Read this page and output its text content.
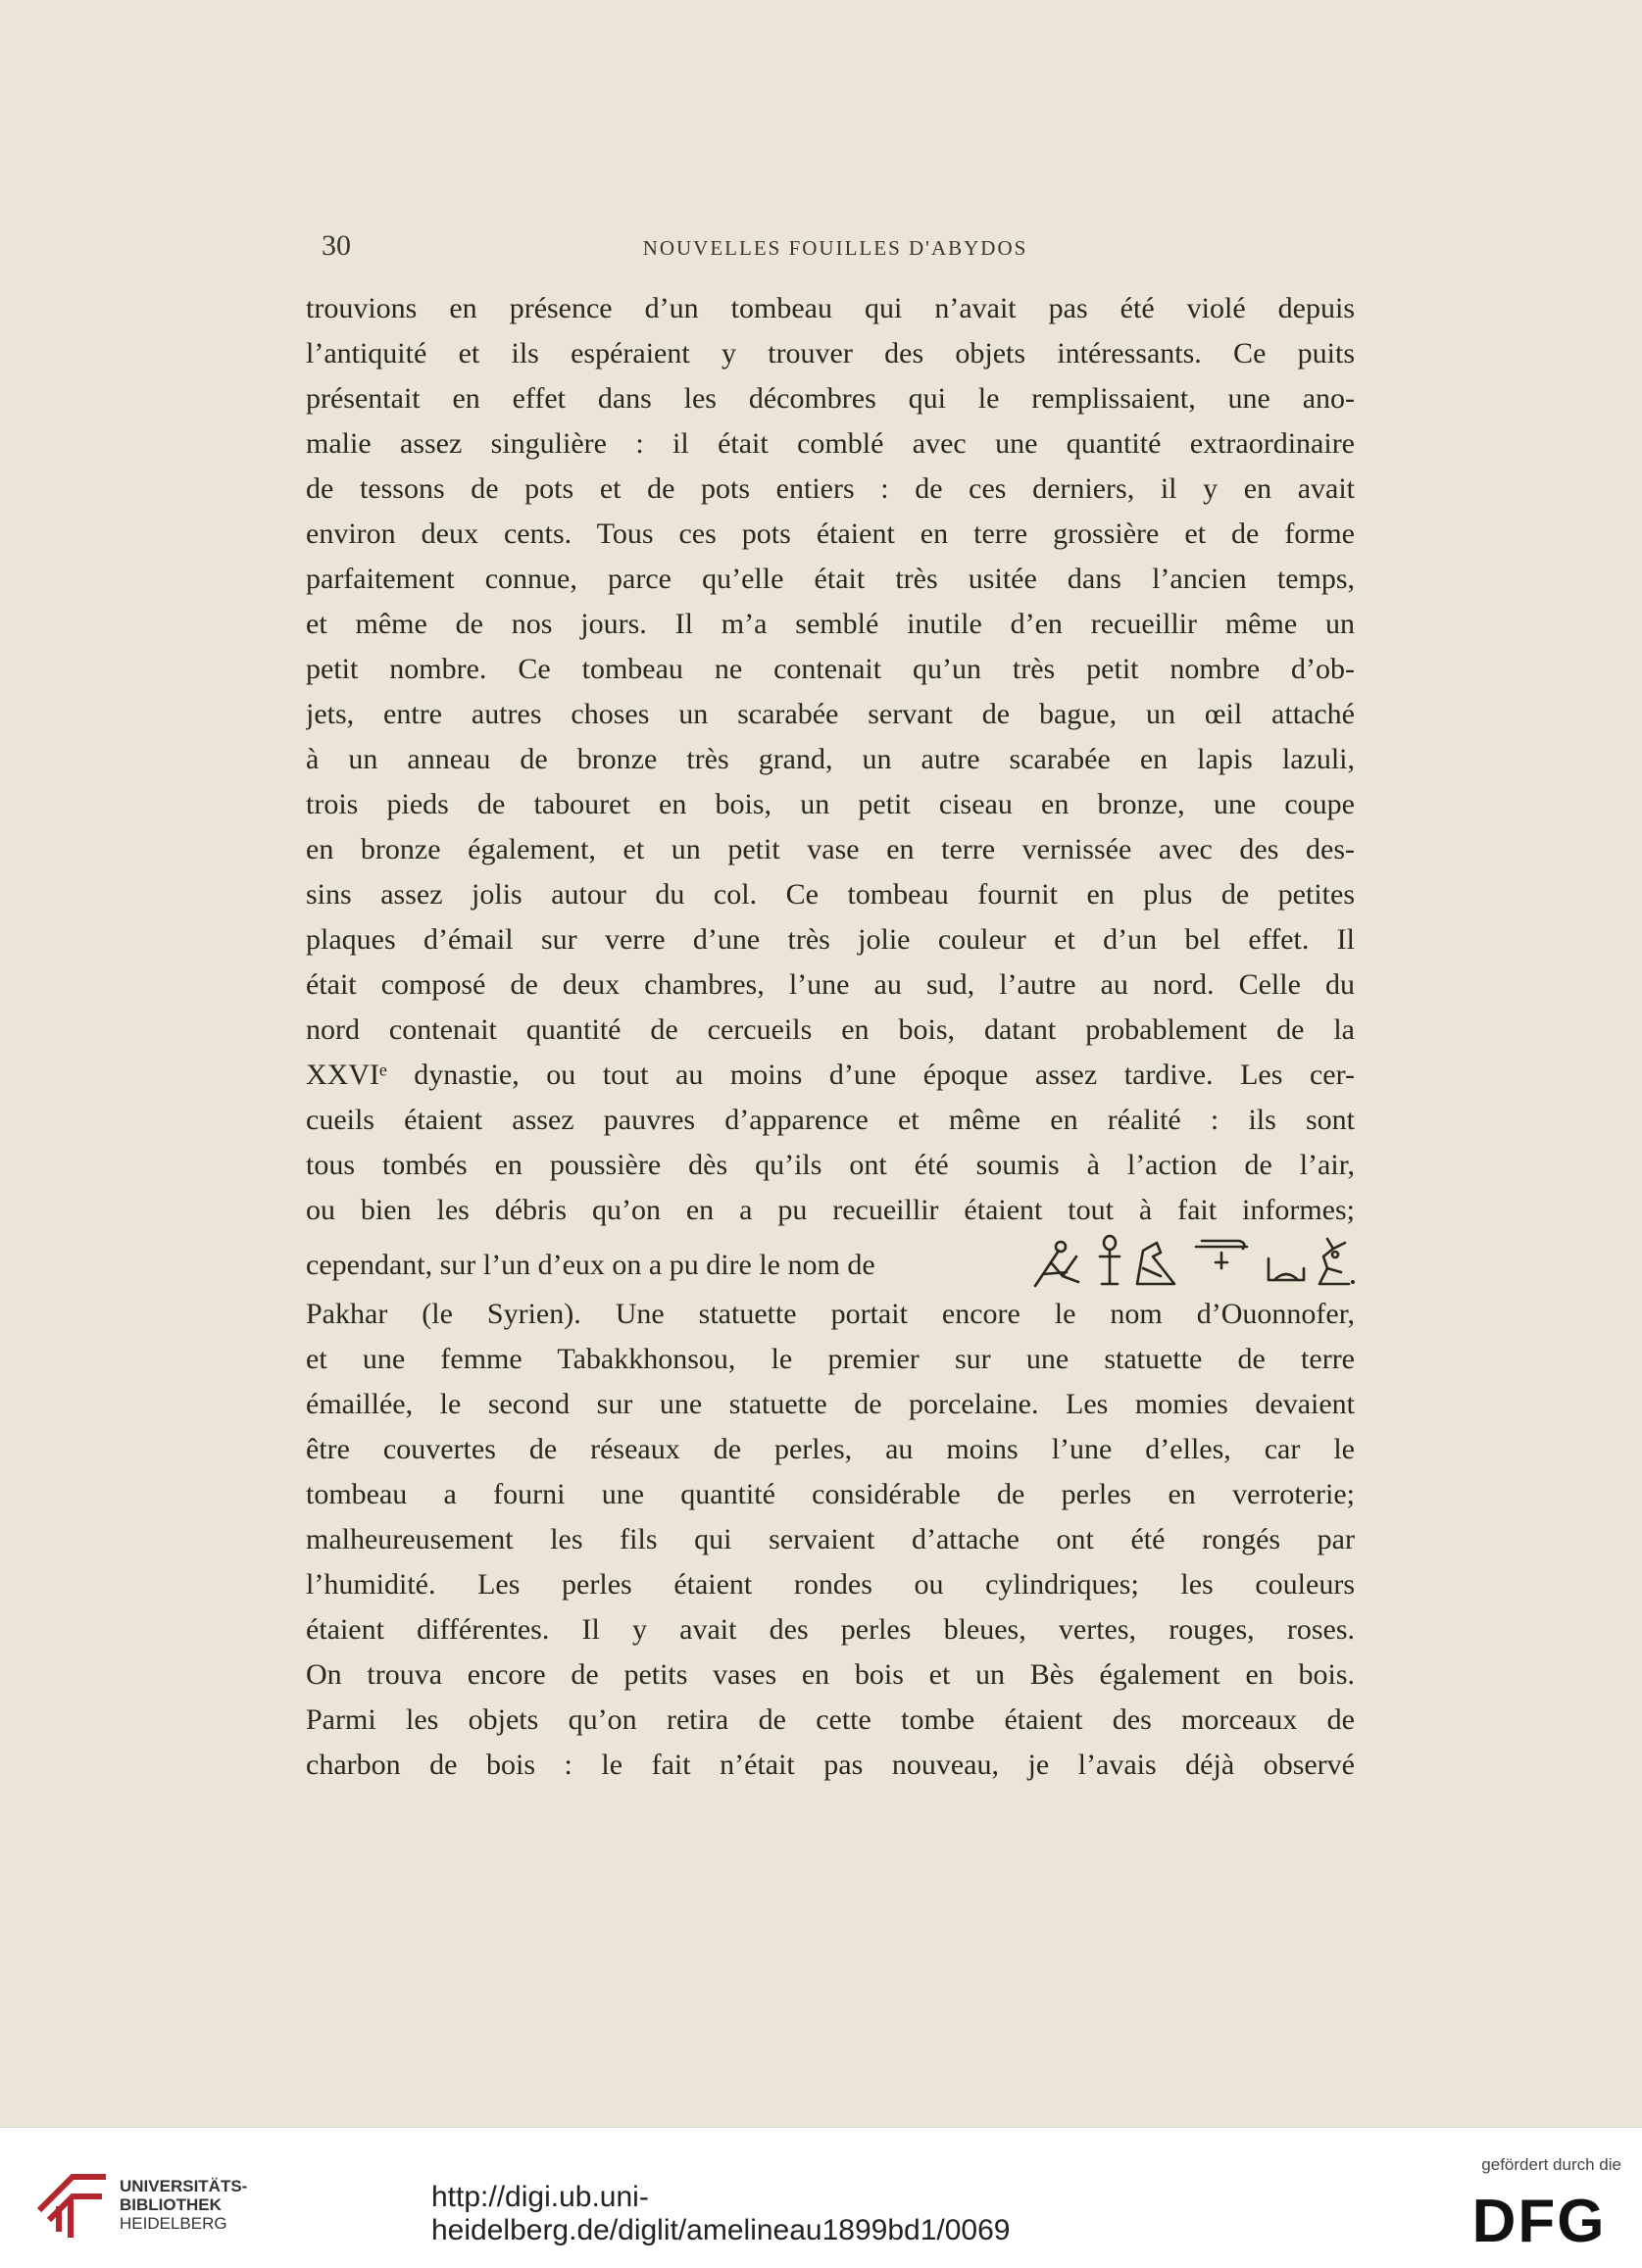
30	NOUVELLES FOUILLES D'ABYDOS
trouvions en présence d’un tombeau qui n’avait pas été violé depuis
l’antiquité et ils espéraient y trouver des objets intéressants. Ce puits
présentait en effet dans les décombres qui le remplissaient, une ano-
malie assez singulière : il était comblé avec une quantité extraordinaire
de tessons de pots et de pots entiers : de ces derniers, il y en avait
environ deux cents. Tous ces pots étaient en terre grossière et de forme
parfaitement connue, parce qu’elle était très usitée dans l’ancien temps,
et même de nos jours. Il m’a semblé inutile d’en recueillir même un
petit nombre. Ce tombeau ne contenait qu’un très petit nombre d’ob-
jets, entre autres choses un scarabée servant de bague, un œil attaché
à un anneau de bronze très grand, un autre scarabée en lapis lazuli,
trois pieds de tabouret en bois, un petit ciseau en bronze, une coupe
en bronze également, et un petit vase en terre vernissée avec des des-
sins assez jolis autour du col. Ce tombeau fournit en plus de petites
plaques d’émail sur verre d’une très jolie couleur et d’un bel effet. Il
était composé de deux chambres, l’une au sud, l’autre au nord. Celle du
nord contenait quantité de cercueils en bois, datant probablement de la
XXVIᵉ dynastie, ou tout au moins d’une époque assez tardive. Les cer-
cueils étaient assez pauvres d’apparence et même en réalité : ils sont
tous tombés en poussière dès qu’ils ont été soumis à l’action de l’air,
ou bien les débris qu’on en a pu recueillir étaient tout à fait informes;
cependant, sur l’un d’eux on a pu dire le nom de
Pakhar (le Syrien). Une statuette portait encore le nom d’Ouonnofer,
et une femme Tabakkhonsou, le premier sur une statuette de terre
émaillée, le second sur une statuette de porcelaine. Les momies devaient
être couvertes de réseaux de perles, au moins l’une d’elles, car le
tombeau a fourni une quantité considérable de perles en verroterie;
malheureusement les fils qui servaient d’attache ont été rongés par
l’humidité. Les perles étaient rondes ou cylindriques; les couleurs
étaient différentes. Il y avait des perles bleues, vertes, rouges, roses.
On trouva encore de petits vases en bois et un Bès également en bois.
Parmi les objets qu’on retira de cette tombe étaient des morceaux de
charbon de bois : le fait n’était pas nouveau, je l’avais déjà observé
UNIVERSITÄTS-
BIBLIOTHEK
HEIDELBERG
http://digi.ub.uni-heidelberg.de/diglit/amelineau1899bd1/0069
gefördert durch die
DFG
